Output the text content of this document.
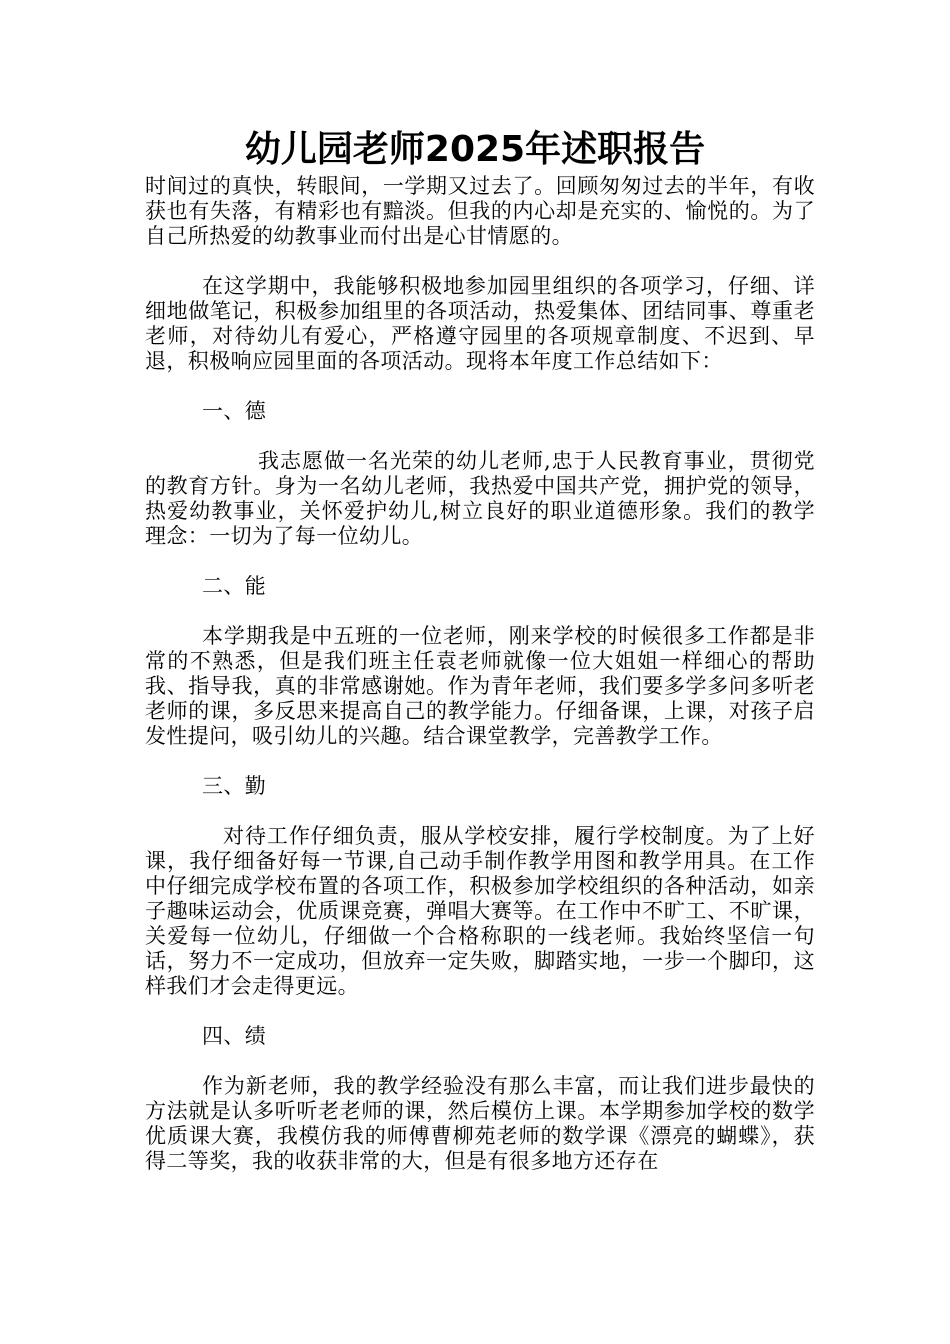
幼儿园老师2025年述职报告

时间过的真快，转眼间，一学期又过去了。回顾匆匆过去的半年，有收获也有失落，有精彩也有黯淡。但我的内心却是充实的、愉悦的。为了自己所热爱的幼教事业而付出是心甘情愿的。

在这学期中，我能够积极地参加园里组织的各项学习，仔细、详细地做笔记，积极参加组里的各项活动，热爱集体、团结同事、尊重老老师，对待幼儿有爱心，严格遵守园里的各项规章制度、不迟到、早退，积极响应园里面的各项活动。现将本年度工作总结如下：

一、德

我志愿做一名光荣的幼儿老师,忠于人民教育事业，贯彻党的教育方针。身为一名幼儿老师，我热爱中国共产党，拥护党的领导，热爱幼教事业，关怀爱护幼儿,树立良好的职业道德形象。我们的教学理念：一切为了每一位幼儿。

二、能

本学期我是中五班的一位老师，刚来学校的时候很多工作都是非常的不熟悉，但是我们班主任袁老师就像一位大姐姐一样细心的帮助我、指导我，真的非常感谢她。作为青年老师，我们要多学多问多听老老师的课，多反思来提高自己的教学能力。仔细备课，上课，对孩子启发性提问，吸引幼儿的兴趣。结合课堂教学，完善教学工作。

三、勤

对待工作仔细负责，服从学校安排，履行学校制度。为了上好课，我仔细备好每一节课,自己动手制作教学用图和教学用具。在工作中仔细完成学校布置的各项工作，积极参加学校组织的各种活动，如亲子趣味运动会，优质课竞赛，弹唱大赛等。在工作中不旷工、不旷课，关爱每一位幼儿，仔细做一个合格称职的一线老师。我始终坚信一句话，努力不一定成功，但放弃一定失败，脚踏实地，一步一个脚印，这样我们才会走得更远。

四、绩

作为新老师，我的教学经验没有那么丰富，而让我们进步最快的方法就是认多听听老老师的课，然后模仿上课。本学期参加学校的数学优质课大赛，我模仿我的师傅曹柳苑老师的数学课《漂亮的蝴蝶》，获得二等奖，我的收获非常的大，但是有很多地方还存在
